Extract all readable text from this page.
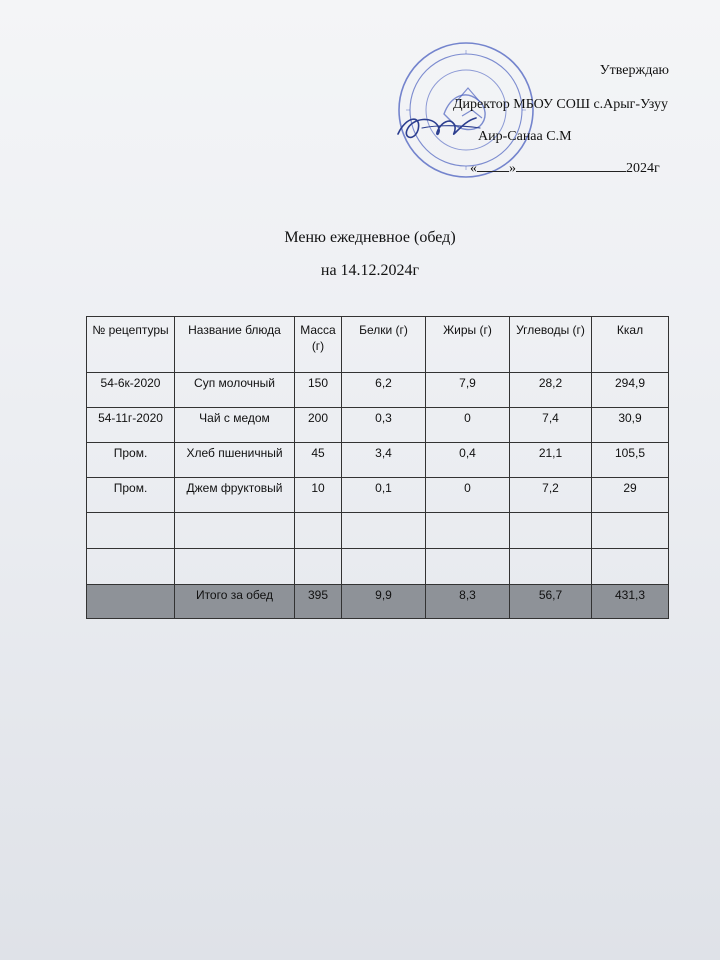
Утверждаю
Директор МБОУ СОШ с.Арыг-Узуу
Аир-Санаа С.М
« »	2024г
Меню ежедневное (обед)
на 14.12.2024г
№ рецептуры	Название блюда	Масса (г)	Белки (г)	Жиры (г)	Углеводы (г)	Ккал
54-6к-2020	Суп молочный	150	6,2	7,9	28,2	294,9
54-11г-2020	Чай с медом	200	0,3	0	7,4	30,9
Пром.	Хлеб пшеничный	45	3,4	0,4	21,1	105,5
Пром.	Джем фруктовый	10	0,1	0	7,2	29

	Итого за обед	395	9,9	8,3	56,7	431,3
